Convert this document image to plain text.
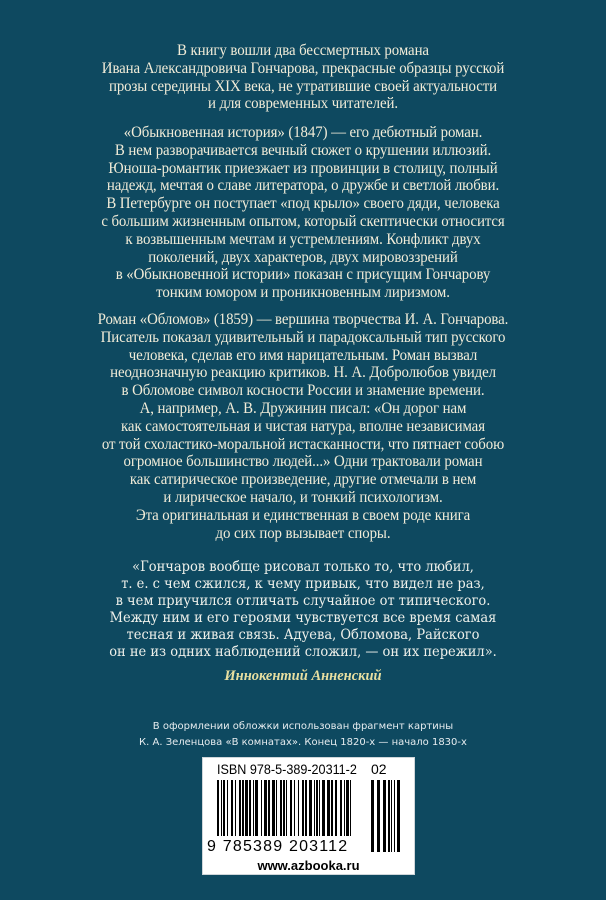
В книгу вошли два бессмертных романа
Ивана Александровича Гончарова, прекрасные образцы русской
прозы середины XIX века, не утратившие своей актуальности
и для современных читателей.
«Обыкновенная история» (1847) — его дебютный роман.
В нем разворачивается вечный сюжет о крушении иллюзий.
Юноша-романтик приезжает из провинции в столицу, полный
надежд, мечтая о славе литератора, о дружбе и светлой любви.
В Петербурге он поступает «под крыло» своего дяди, человека
с большим жизненным опытом, который скептически относится
к возвышенным мечтам и устремлениям. Конфликт двух
поколений, двух характеров, двух мировоззрений
в «Обыкновенной истории» показан с присущим Гончарову
тонким юмором и проникновенным лиризмом.
Роман «Обломов» (1859) — вершина творчества И. А. Гончарова.
Писатель показал удивительный и парадоксальный тип русского
человека, сделав его имя нарицательным. Роман вызвал
неоднозначную реакцию критиков. Н. А. Добролюбов увидел
в Обломове символ косности России и знамение времени.
А, например, А. В. Дружинин писал: «Он дорог нам
как самостоятельная и чистая натура, вполне независимая
от той схоластико-моральной истасканности, что пятнает собою
огромное большинство людей...» Одни трактовали роман
как сатирическое произведение, другие отмечали в нем
и лирическое начало, и тонкий психологизм.
Эта оригинальная и единственная в своем роде книга
до сих пор вызывает споры.
«Гончаров вообще рисовал только то, что любил,
т. е. с чем сжился, к чему привык, что видел не раз,
в чем приучился отличать случайное от типического.
Между ним и его героями чувствуется все время самая
тесная и живая связь. Адуева, Обломова, Райского
он не из одних наблюдений сложил, — он их пережил».
Иннокентий Анненский
В оформлении обложки использован фрагмент картины
К. А. Зеленцова «В комнатах». Конец 1820-х — начало 1830-х
ISBN 978-5-389-20311-2 02
9 785389 203112
www.azbooka.ru
